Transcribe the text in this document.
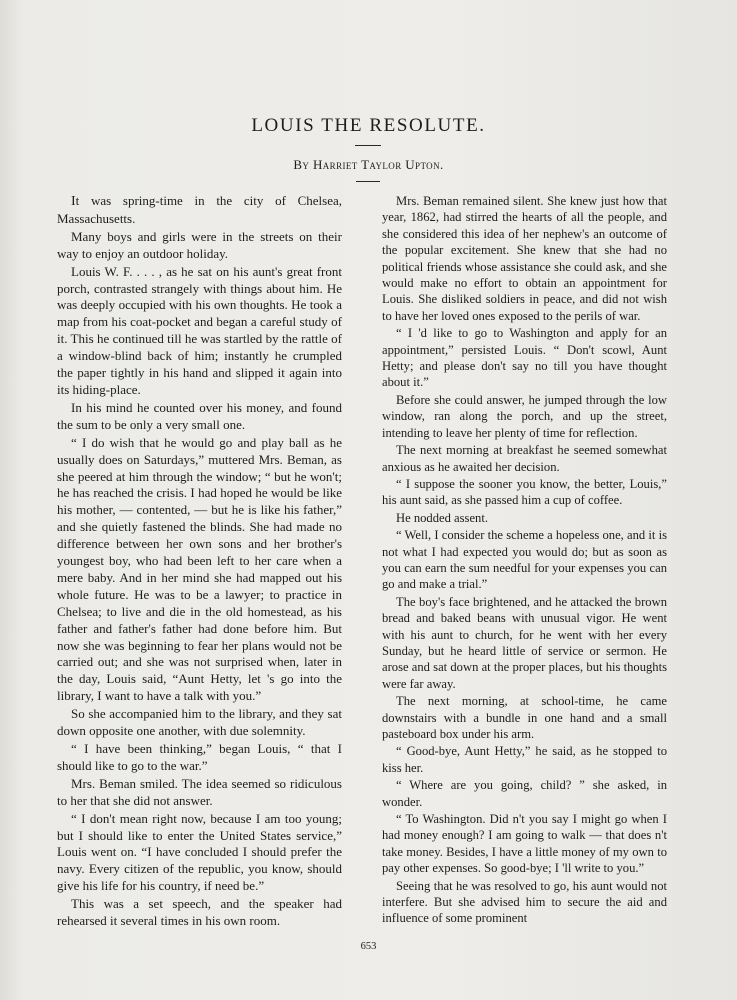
LOUIS THE RESOLUTE.
By Harriet Taylor Upton.

It was spring-time in the city of Chelsea, Massachusetts.

Many boys and girls were in the streets on their way to enjoy an outdoor holiday.

Louis W. F. . . . , as he sat on his aunt's great front porch, contrasted strangely with things about him. He was deeply occupied with his own thoughts. He took a map from his coat-pocket and began a careful study of it. This he continued till he was startled by the rattle of a window-blind back of him; instantly he crumpled the paper tightly in his hand and slipped it again into its hiding-place.

In his mind he counted over his money, and found the sum to be only a very small one.

“ I do wish that he would go and play ball as he usually does on Saturdays,” muttered Mrs. Beman, as she peered at him through the window; “ but he won't; he has reached the crisis. I had hoped he would be like his mother, — contented, — but he is like his father,” and she quietly fastened the blinds. She had made no difference between her own sons and her brother's youngest boy, who had been left to her care when a mere baby. And in her mind she had mapped out his whole future. He was to be a lawyer; to practice in Chelsea; to live and die in the old homestead, as his father and father's father had done before him. But now she was beginning to fear her plans would not be carried out; and she was not surprised when, later in the day, Louis said, “Aunt Hetty, let 's go into the library, I want to have a talk with you.”

So she accompanied him to the library, and they sat down opposite one another, with due solemnity.

“ I have been thinking,” began Louis, “ that I should like to go to the war.”

Mrs. Beman smiled. The idea seemed so ridiculous to her that she did not answer.

“ I don't mean right now, because I am too young; but I should like to enter the United States service,” Louis went on. “I have concluded I should prefer the navy. Every citizen of the republic, you know, should give his life for his country, if need be.”

This was a set speech, and the speaker had rehearsed it several times in his own room.

Mrs. Beman remained silent. She knew just how that year, 1862, had stirred the hearts of all the people, and she considered this idea of her nephew's an outcome of the popular excitement. She knew that she had no political friends whose assistance she could ask, and she would make no effort to obtain an appointment for Louis. She disliked soldiers in peace, and did not wish to have her loved ones exposed to the perils of war.

“ I 'd like to go to Washington and apply for an appointment,” persisted Louis. “ Don't scowl, Aunt Hetty; and please don't say no till you have thought about it.”

Before she could answer, he jumped through the low window, ran along the porch, and up the street, intending to leave her plenty of time for reflection.

The next morning at breakfast he seemed somewhat anxious as he awaited her decision.

“ I suppose the sooner you know, the better, Louis,” his aunt said, as she passed him a cup of coffee.

He nodded assent.

“ Well, I consider the scheme a hopeless one, and it is not what I had expected you would do; but as soon as you can earn the sum needful for your expenses you can go and make a trial.”

The boy's face brightened, and he attacked the brown bread and baked beans with unusual vigor. He went with his aunt to church, for he went with her every Sunday, but he heard little of service or sermon. He arose and sat down at the proper places, but his thoughts were far away.

The next morning, at school-time, he came downstairs with a bundle in one hand and a small pasteboard box under his arm.

“ Good-bye, Aunt Hetty,” he said, as he stopped to kiss her.

“ Where are you going, child? ” she asked, in wonder.

“ To Washington. Did n't you say I might go when I had money enough? I am going to walk — that does n't take money. Besides, I have a little money of my own to pay other expenses. So good-bye; I 'll write to you.”

Seeing that he was resolved to go, his aunt would not interfere. But she advised him to secure the aid and influence of some prominent

653
